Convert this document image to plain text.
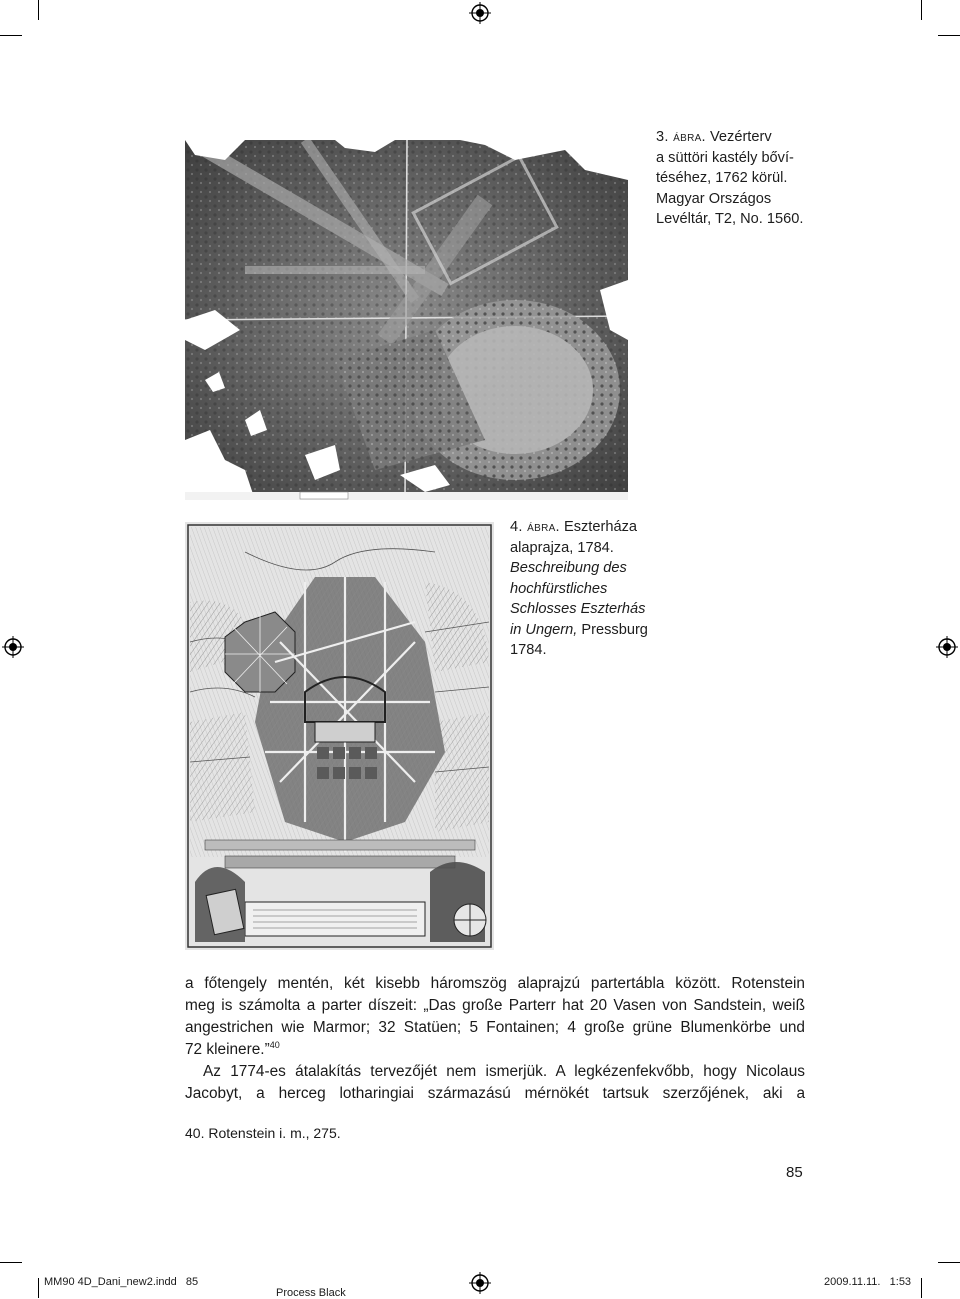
3. ábra. Vezérterv
a süttöri kastély bőví-
téséhez, 1762 körül.
Magyar Országos
Levéltár, T2, No. 1560.
4. ábra. Eszterháza
alaprajza, 1784.
Beschreibung des
hochfürstliches
Schlosses Eszterhás
in Ungern, Pressburg
1784.
a főtengely mentén, két kisebb háromszög alaprajzú partertábla között. Rotenstein
meg is számolta a parter díszeit: „Das große Parterr hat 20 Vasen von Sandstein, weiß
angestrichen wie Marmor; 32 Statüen; 5 Fontainen; 4 große grüne Blumenkörbe und
72 kleinere.”$^{40}$
Az 1774-es átalakítás tervezőjét nem ismerjük. A legkézenfekvőbb, hogy Nicolaus
Jacobyt, a herceg lotharingiai származású mérnökét tartsuk szerzőjének, aki a
40. Rotenstein i. m., 275.
85
MM90 4D_Dani_new2.indd   85	2009.11.11.   1:53
Process Black
